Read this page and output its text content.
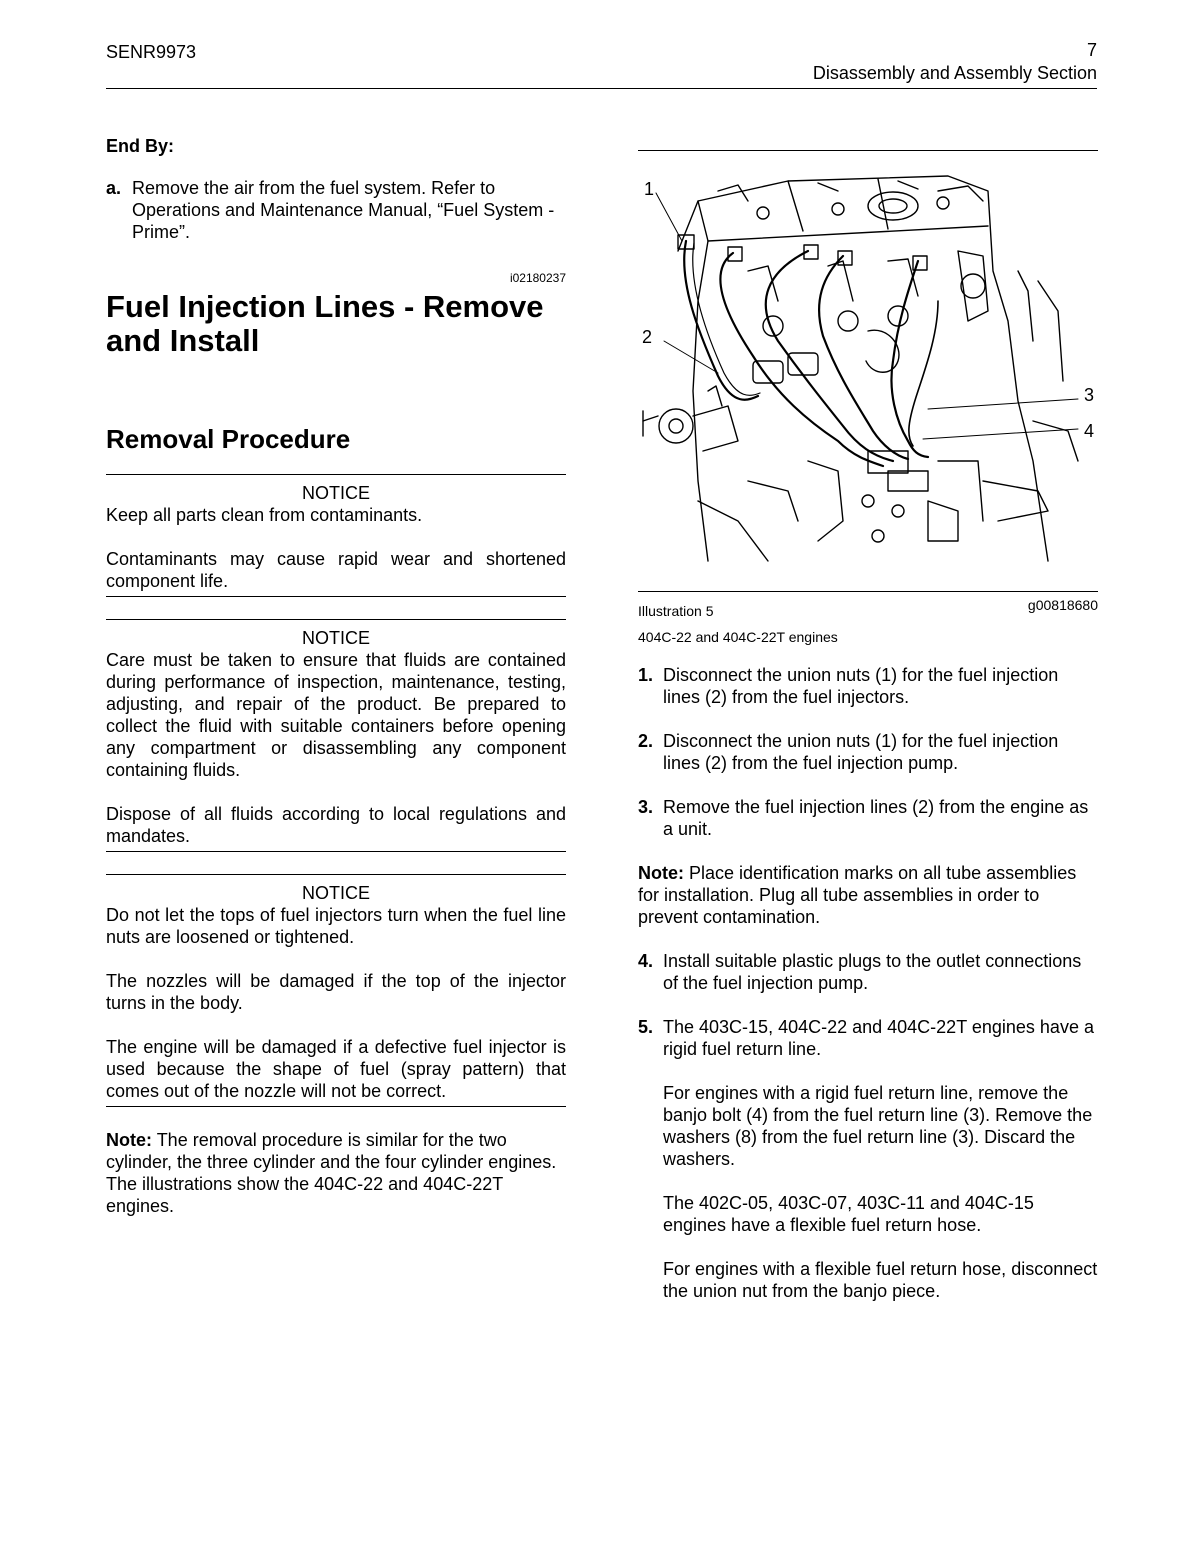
SENR9973	7
Disassembly and Assembly Section
End By:
a. Remove the air from the fuel system. Refer to Operations and Maintenance Manual, “Fuel System - Prime”.
i02180237
Fuel Injection Lines - Remove and Install
Removal Procedure
NOTICE

Keep all parts clean from contaminants.

Contaminants may cause rapid wear and shortened component life.

NOTICE

Care must be taken to ensure that fluids are contained during performance of inspection, maintenance, testing, adjusting, and repair of the product. Be prepared to collect the fluid with suitable containers before opening any compartment or disassembling any component containing fluids.

Dispose of all fluids according to local regulations and mandates.

NOTICE

Do not let the tops of fuel injectors turn when the fuel line nuts are loosened or tightened.

The nozzles will be damaged if the top of the injector turns in the body.

The engine will be damaged if a defective fuel injector is used because the shape of fuel (spray pattern) that comes out of the nozzle will not be correct.

Note: The removal procedure is similar for the two cylinder, the three cylinder and the four cylinder engines. The illustrations show the 404C-22 and 404C-22T engines.

1
2
3
4
Illustration 5	g00818680
404C-22 and 404C-22T engines

1. Disconnect the union nuts (1) for the fuel injection lines (2) from the fuel injectors.

2. Disconnect the union nuts (1) for the fuel injection lines (2) from the fuel injection pump.

3. Remove the fuel injection lines (2) from the engine as a unit.

Note: Place identification marks on all tube assemblies for installation. Plug all tube assemblies in order to prevent contamination.

4. Install suitable plastic plugs to the outlet connections of the fuel injection pump.

5. The 403C-15, 404C-22 and 404C-22T engines have a rigid fuel return line.

For engines with a rigid fuel return line, remove the banjo bolt (4) from the fuel return line (3). Remove the washers (8) from the fuel return line (3). Discard the washers.

The 402C-05, 403C-07, 403C-11 and 404C-15 engines have a flexible fuel return hose.

For engines with a flexible fuel return hose, disconnect the union nut from the banjo piece.
